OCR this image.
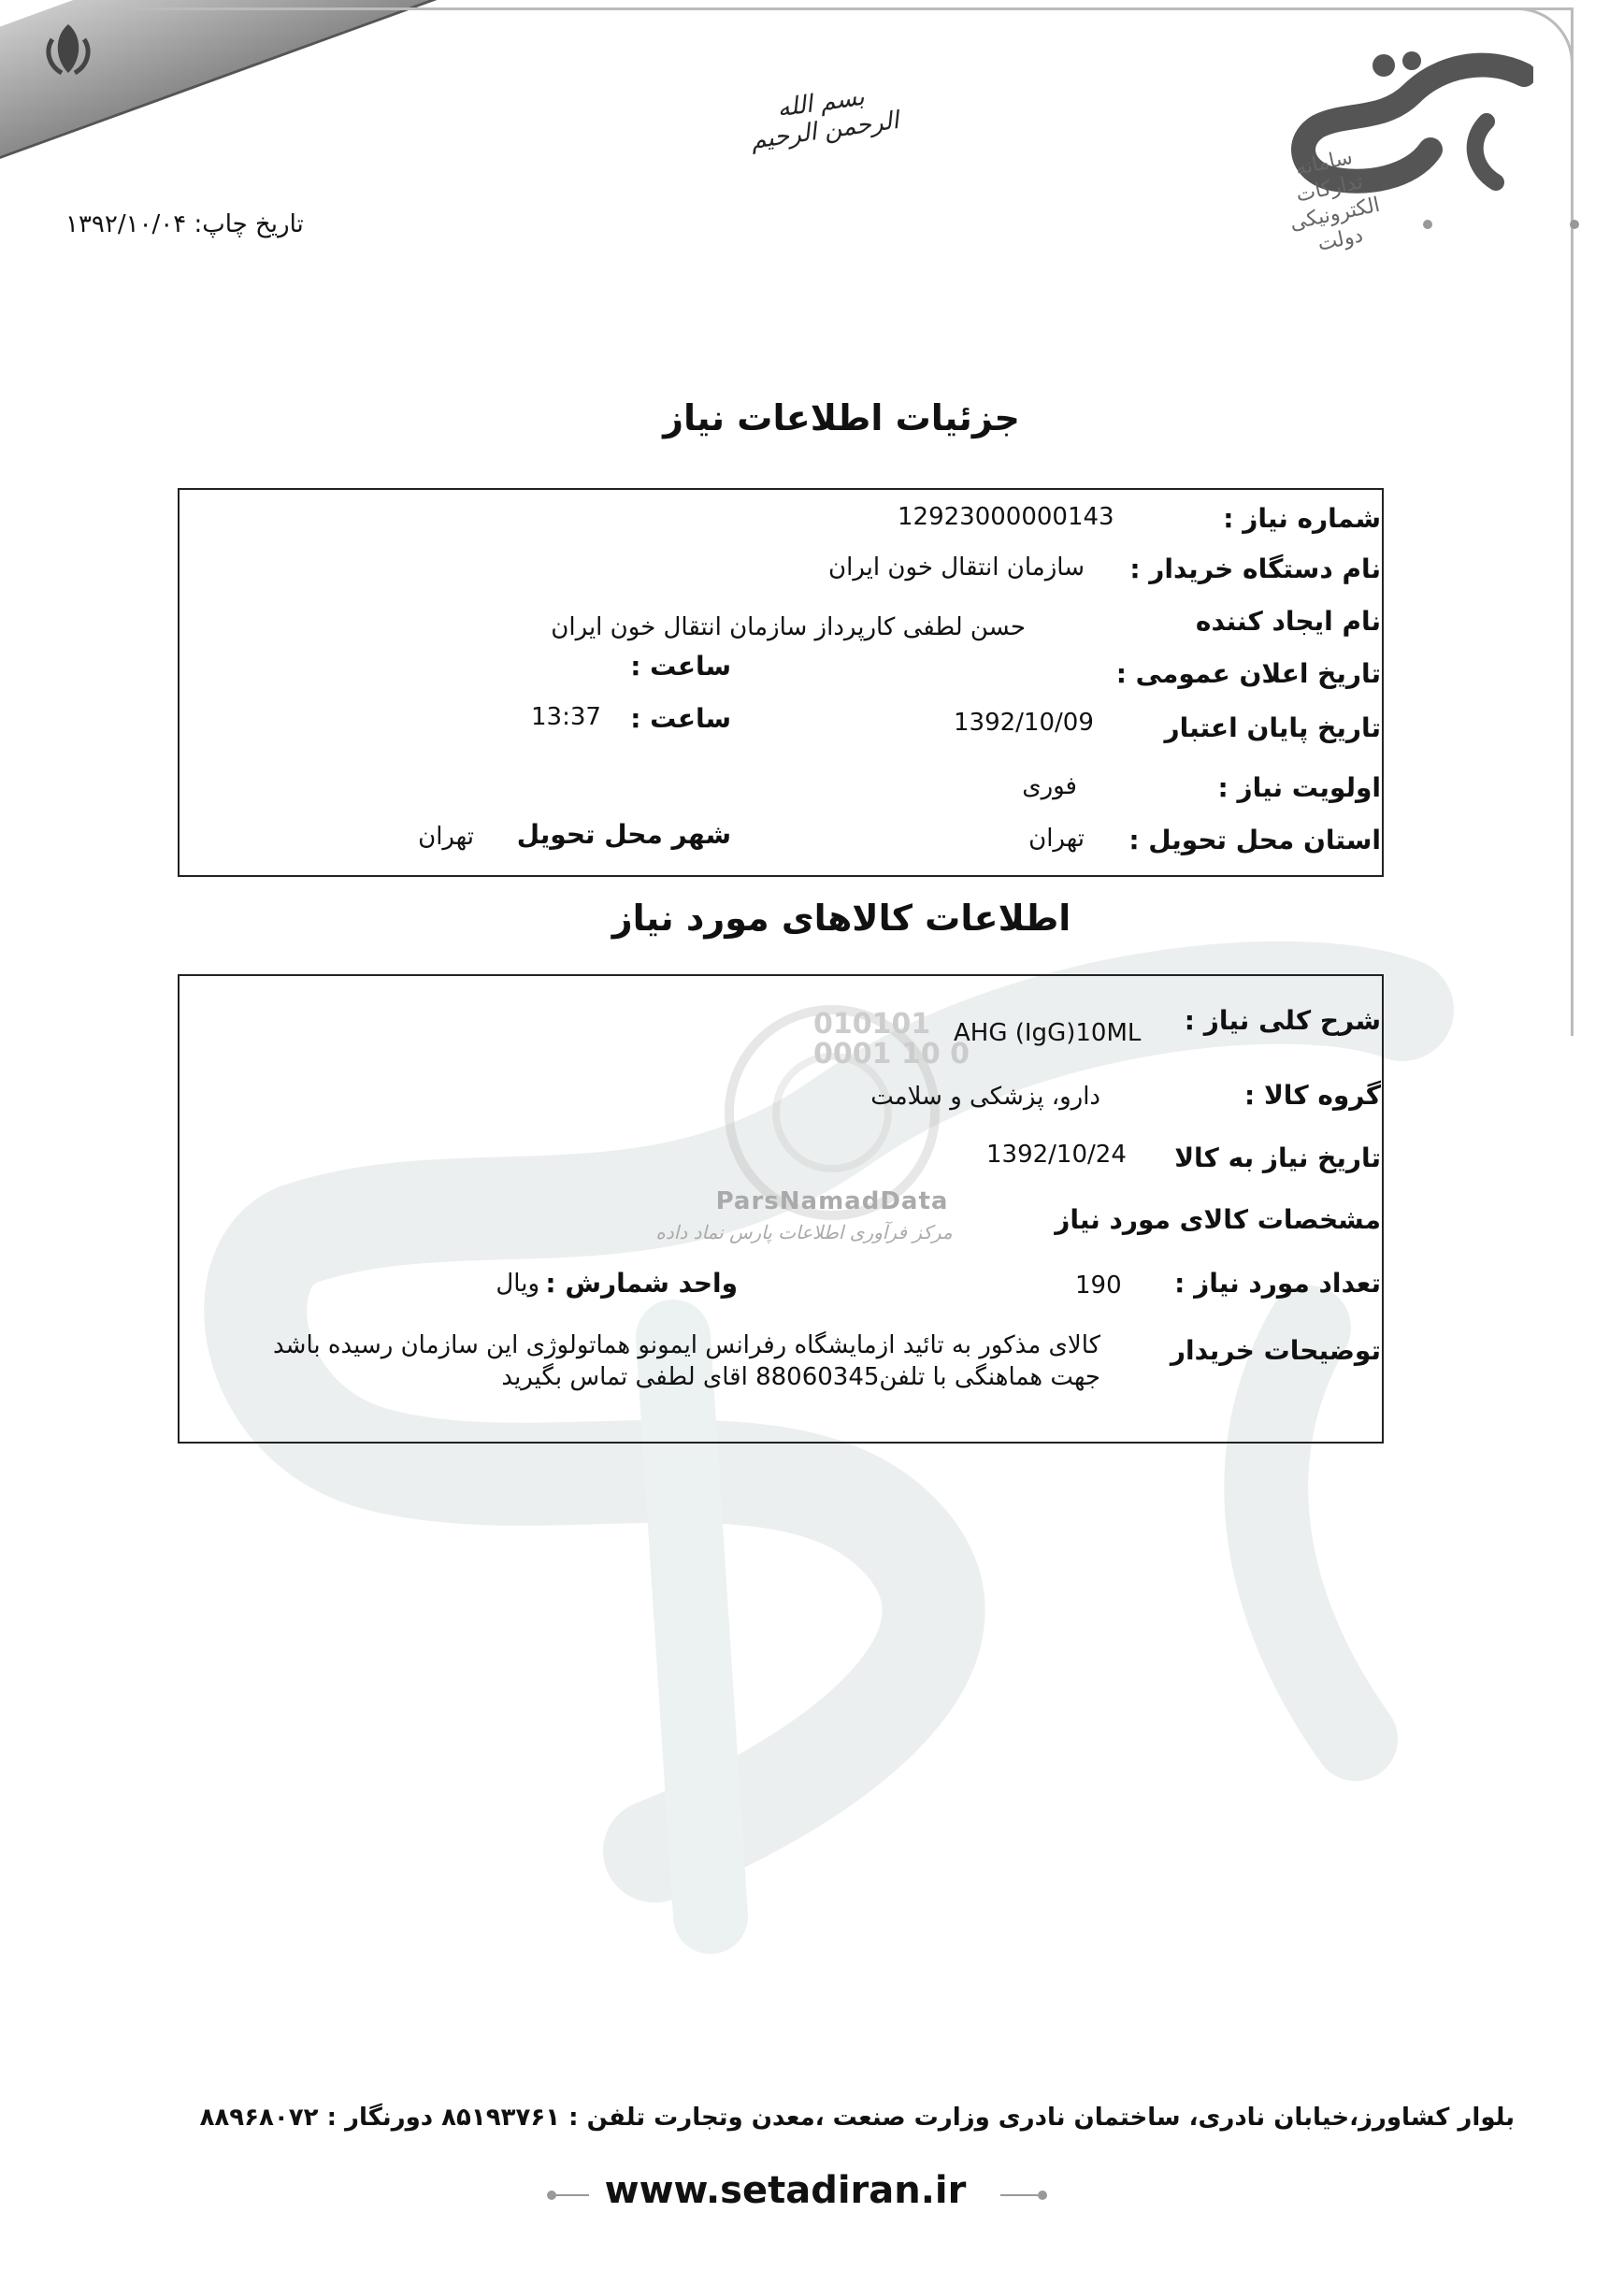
سامانه تدارکات الکترونیکی دولت
بسم الله الرحمن الرحیم
تاریخ چاپ: ۱۳۹۲/۱۰/۰۴
جزئیات اطلاعات نیاز
شماره نیاز :
12923000000143
نام دستگاه خریدار :
سازمان انتقال خون ایران
نام ایجاد کننده
حسن لطفی کارپرداز سازمان انتقال خون ایران
تاریخ اعلان عمومی :
ساعت :
تاریخ پایان اعتبار
1392/10/09
ساعت :
13:37
اولویت نیاز :
فوری
استان محل تحویل :
تهران
شهر محل تحویل
تهران
اطلاعات کالاهای مورد نیاز
010101 0001 10 0
ParsNamadData
مرکز فرآوری اطلاعات پارس نماد داده
شرح کلی نیاز :
AHG (IgG)10ML
گروه کالا :
دارو، پزشکی و سلامت
تاریخ نیاز به کالا
1392/10/24
مشخصات کالای مورد نیاز
تعداد مورد نیاز :
190
واحد شمارش :
ویال
توضیحات خریدار
کالای مذکور به تائید ازمایشگاه رفرانس ایمونو هماتولوژی این سازمان رسیده باشد
جهت هماهنگی با تلفن88060345 اقای لطفی تماس بگیرید
بلوار کشاورز،خیابان نادری، ساختمان نادری وزارت صنعت ،معدن وتجارت تلفن : ۸۵۱۹۳۷۶۱ دورنگار : ۸۸۹۶۸۰۷۲
www.setadiran.ir
